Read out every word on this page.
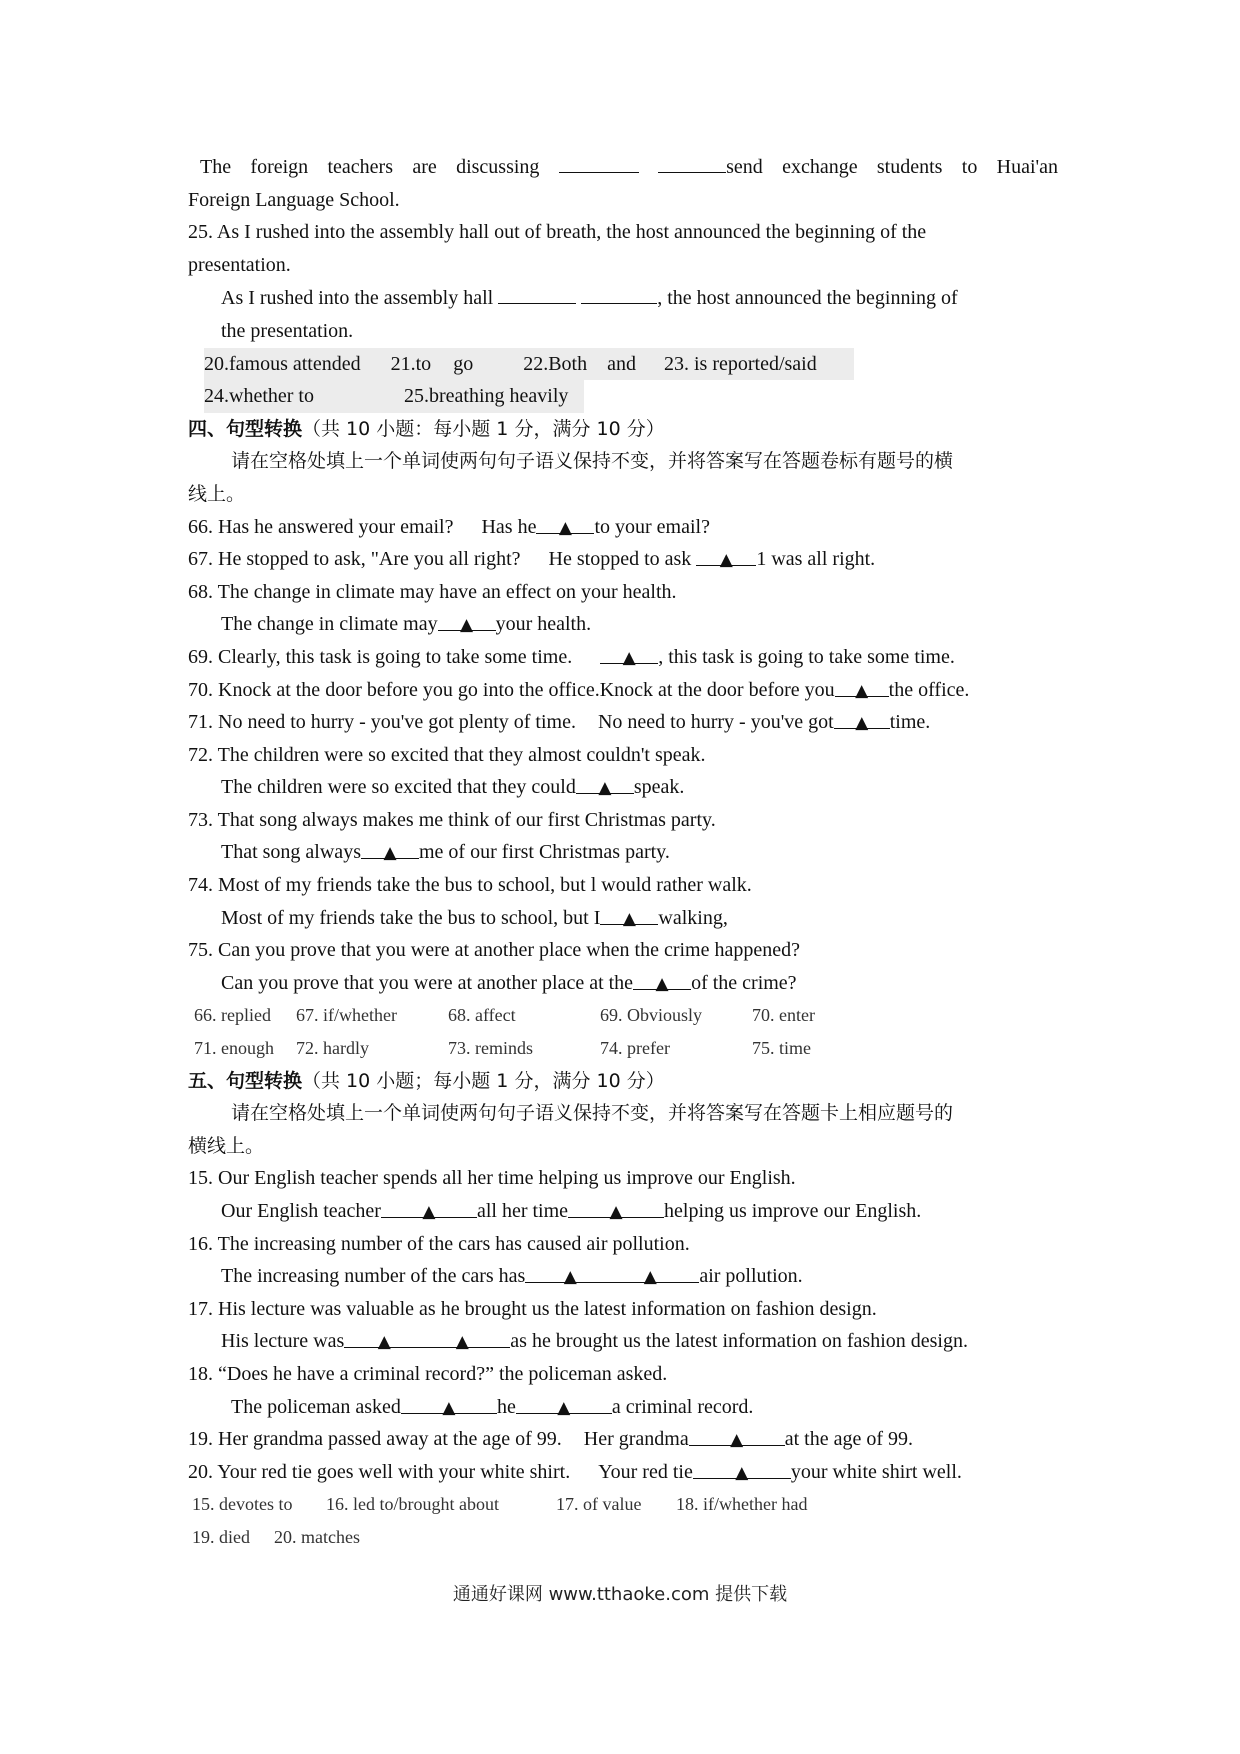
The foreign teachers are discussing	send exchange students to Huai'an
Foreign Language School.
25. As I rushed into the assembly hall out of breath, the host announced the beginning of the
presentation.
As I rushed into the assembly hall	, the host announced the beginning of
the presentation.
20.famous attended 21.to go	22.Both and 23. is reported/said
24.whether to	25.breathing heavily
四、句型转换（共 10 小题：每小题 1 分，满分 10 分）
请在空格处填上一个单词使两句句子语义保持不变，并将答案写在答题卷标有题号的横
线上。
66. Has he answered your email? Has he ▲ to your email?
67. He stopped to ask, "Are you all right? He stopped to ask ▲ 1 was all right.
68. The change in climate may have an effect on your health.
The change in climate may ▲ your health.
69. Clearly, this task is going to take some time.	▲ , this task is going to take some time.
70. Knock at the door before you go into the office.Knock at the door before you ▲ the office.
71. No need to hurry - you've got plenty of time. No need to hurry - you've got ▲ time.
72. The children were so excited that they almost couldn't speak.
The children were so excited that they could ▲ speak.
73. That song always makes me think of our first Christmas party.
That song always ▲ me of our first Christmas party.
74. Most of my friends take the bus to school, but l would rather walk.
Most of my friends take the bus to school, but I ▲ walking,
75. Can you prove that you were at another place when the crime happened?
Can you prove that you were at another place at the ▲ of the crime?
66. replied 67. if/whether	68. affect	69. Obviously	70. enter
71. enough 72. hardly	73. reminds	74. prefer	75. time
五、句型转换（共 10 小题；每小题 1 分，满分 10 分）
请在空格处填上一个单词使两句句子语义保持不变，并将答案写在答题卡上相应题号的
横线上。
15. Our English teacher spends all her time helping us improve our English.
Our English teacher ▲ all her time ▲ helping us improve our English.
16. The increasing number of the cars has caused air pollution.
The increasing number of the cars has ▲	▲ air pollution.
17. His lecture was valuable as he brought us the latest information on fashion design.
His lecture was ▲	▲ as he brought us the latest information on fashion design.
18. “Does he have a criminal record?” the policeman asked.
The policeman asked ▲ he ▲ a criminal record.
19. Her grandma passed away at the age of 99. Her grandma ▲ at the age of 99.
20. Your red tie goes well with your white shirt. Your red tie ▲ your white shirt well.
15. devotes to 16. led to/brought about	17. of value 18. if/whether had
19. died 20. matches
通通好课网 www.tthaoke.com 提供下载
